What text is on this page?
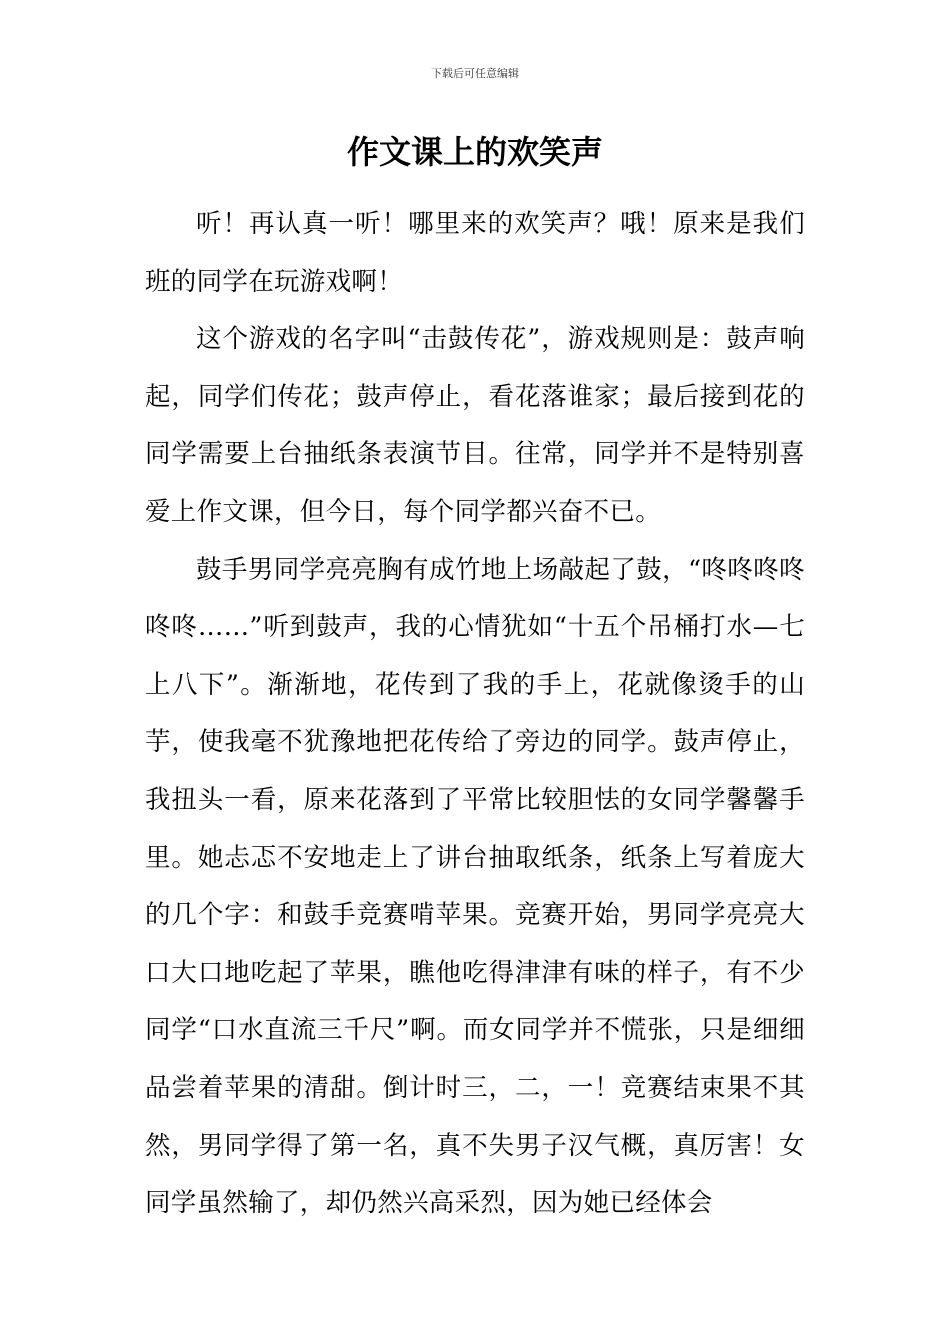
下载后可任意编辑
作文课上的欢笑声

听！再认真一听！哪里来的欢笑声？哦！原来是我们班的同学在玩游戏啊！

这个游戏的名字叫“击鼓传花”，游戏规则是：鼓声响起，同学们传花；鼓声停止，看花落谁家；最后接到花的同学需要上台抽纸条表演节目。往常，同学并不是特别喜爱上作文课，但今日，每个同学都兴奋不已。

鼓手男同学亮亮胸有成竹地上场敲起了鼓，“咚咚咚咚咚咚……”听到鼓声，我的心情犹如“十五个吊桶打水—七上八下”。渐渐地，花传到了我的手上，花就像烫手的山芋，使我毫不犹豫地把花传给了旁边的同学。鼓声停止，我扭头一看，原来花落到了平常比较胆怯的女同学馨馨手里。她忐忑不安地走上了讲台抽取纸条，纸条上写着庞大的几个字：和鼓手竞赛啃苹果。竞赛开始，男同学亮亮大口大口地吃起了苹果，瞧他吃得津津有味的样子，有不少同学“口水直流三千尺”啊。而女同学并不慌张，只是细细品尝着苹果的清甜。倒计时三，二，一！竞赛结束果不其然，男同学得了第一名，真不失男子汉气概，真厉害！女同学虽然输了，却仍然兴高采烈，因为她已经体会
